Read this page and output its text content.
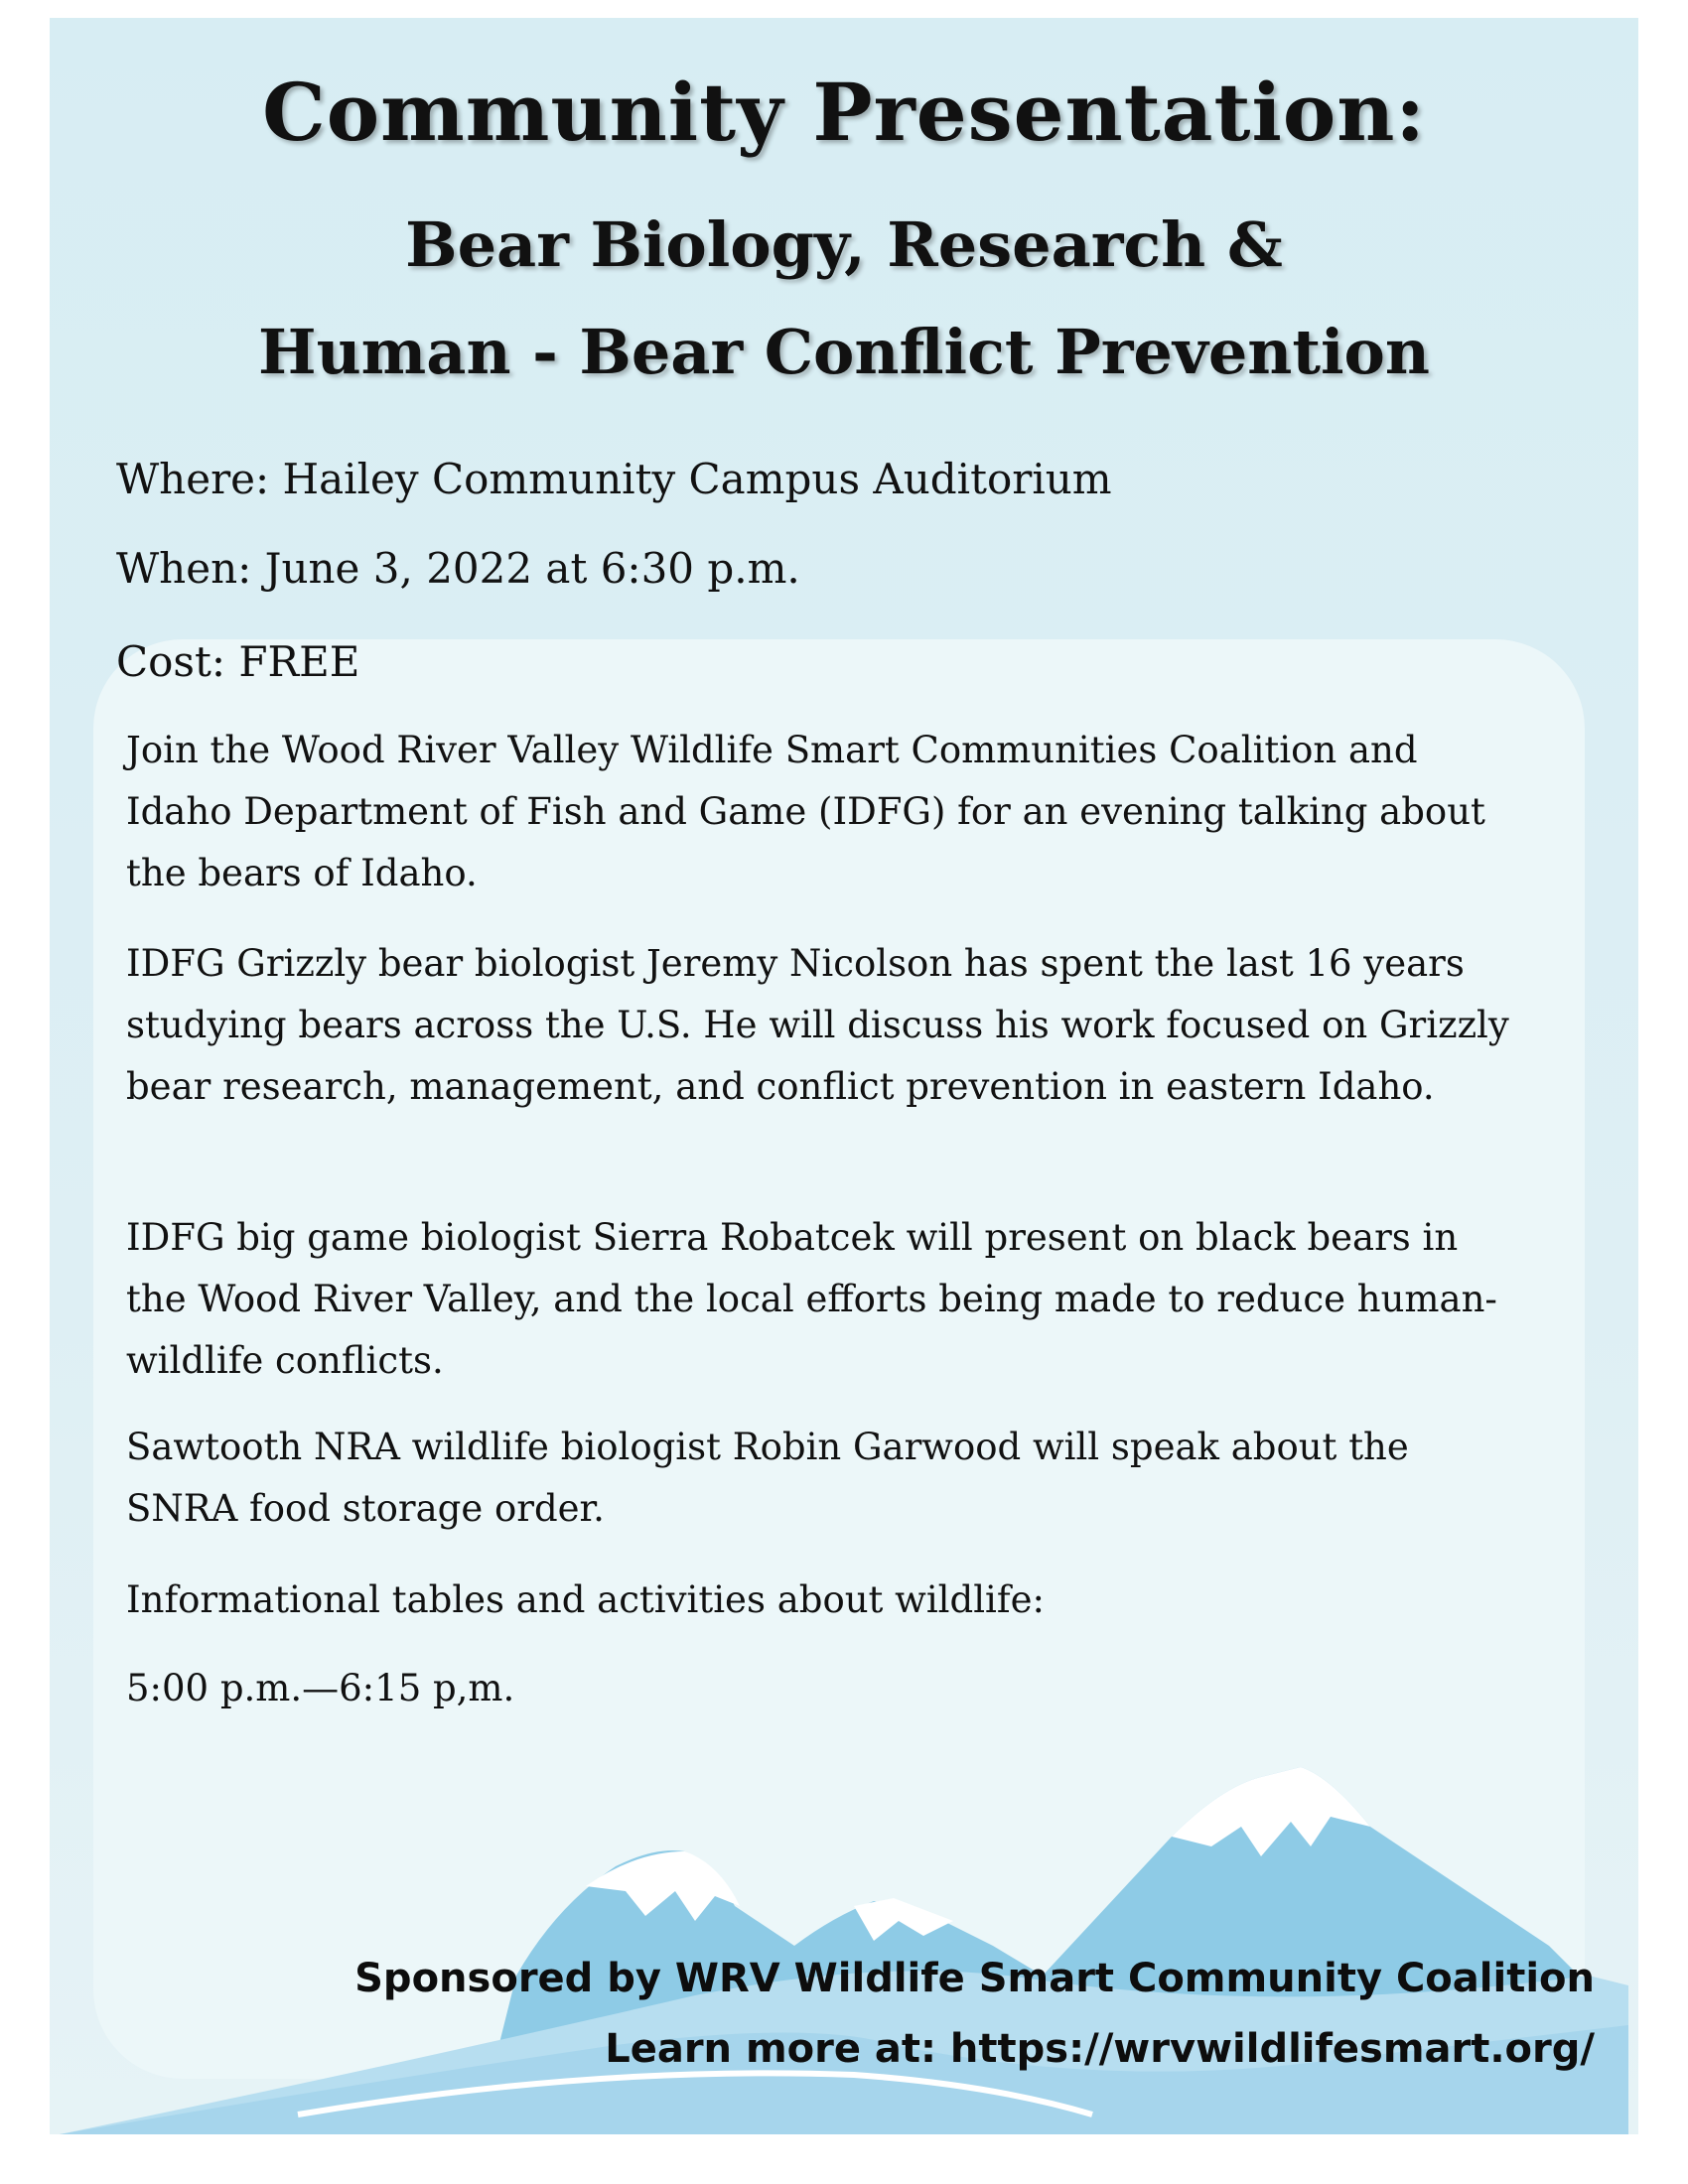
Community Presentation:
Bear Biology, Research &
Human - Bear Conflict Prevention
Where: Hailey Community Campus Auditorium
When: June 3, 2022 at 6:30 p.m.
Cost: FREE

Join the Wood River Valley Wildlife Smart Communities Coalition and Idaho Department of Fish and Game (IDFG) for an evening talking about the bears of Idaho.

IDFG Grizzly bear biologist Jeremy Nicolson has spent the last 16 years studying bears across the U.S. He will discuss his work focused on Grizzly bear research, management, and conflict prevention in eastern Idaho.

IDFG big game biologist Sierra Robatcek will present on black bears in the Wood River Valley, and the local efforts being made to reduce human-wildlife conflicts.

Sawtooth NRA wildlife biologist Robin Garwood will speak about the SNRA food storage order.

Informational tables and activities about wildlife:

5:00 p.m.—6:15 p,m.

Sponsored by WRV Wildlife Smart Community Coalition
Learn more at: https://wrvwildlifesmart.org/
